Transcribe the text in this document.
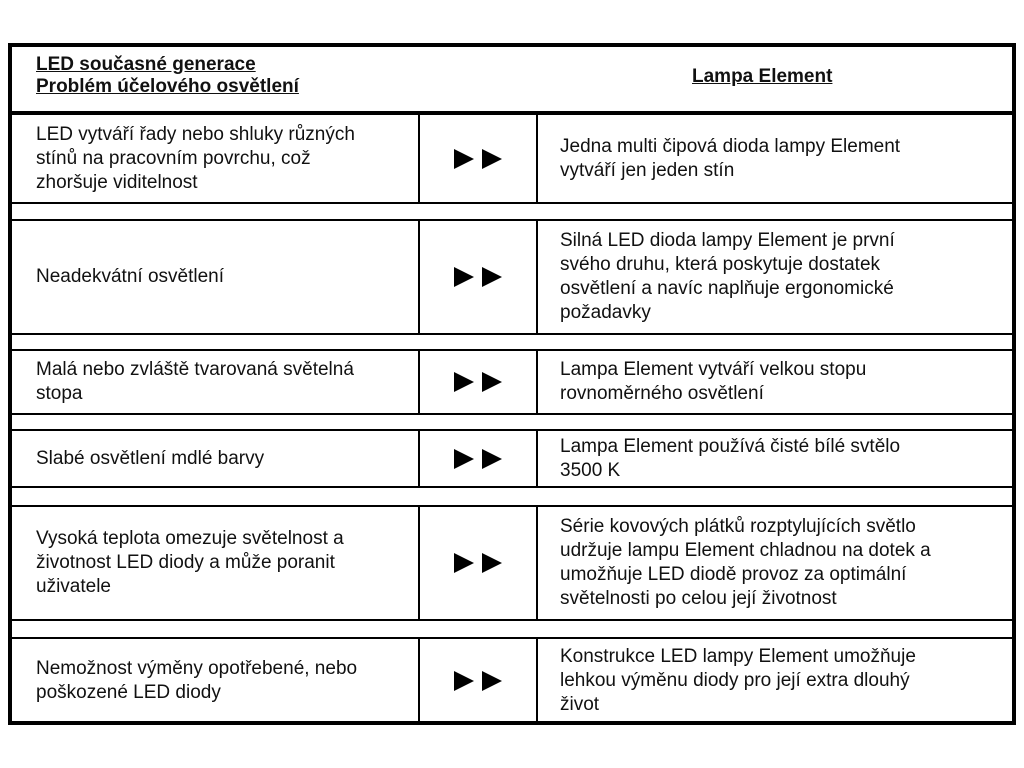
LED současné generace
Problém účelového osvětlení	Lampa Element
LED vytváří řady nebo shluky různých
stínů na pracovním povrchu, což
zhoršuje viditelnost
Jedna multi čipová dioda lampy Element
vytváří jen jeden stín
Neadekvátní osvětlení
Silná LED dioda lampy Element je první
svého druhu, která poskytuje dostatek
osvětlení a navíc naplňuje ergonomické
požadavky
Malá nebo zvláště tvarovaná světelná
stopa
Lampa Element vytváří velkou stopu
rovnoměrného osvětlení
Slabé osvětlení mdlé barvy
Lampa Element používá čisté bílé svtělo
3500 K
Vysoká teplota omezuje světelnost a
životnost LED diody a může poranit
uživatele
Série kovových plátků rozptylujících světlo
udržuje lampu Element chladnou na dotek a
umožňuje LED diodě provoz za optimální
světelnosti po celou její životnost
Nemožnost výměny opotřebené, nebo
poškozené LED diody
Konstrukce LED lampy Element umožňuje
lehkou výměnu diody pro její extra dlouhý
život
